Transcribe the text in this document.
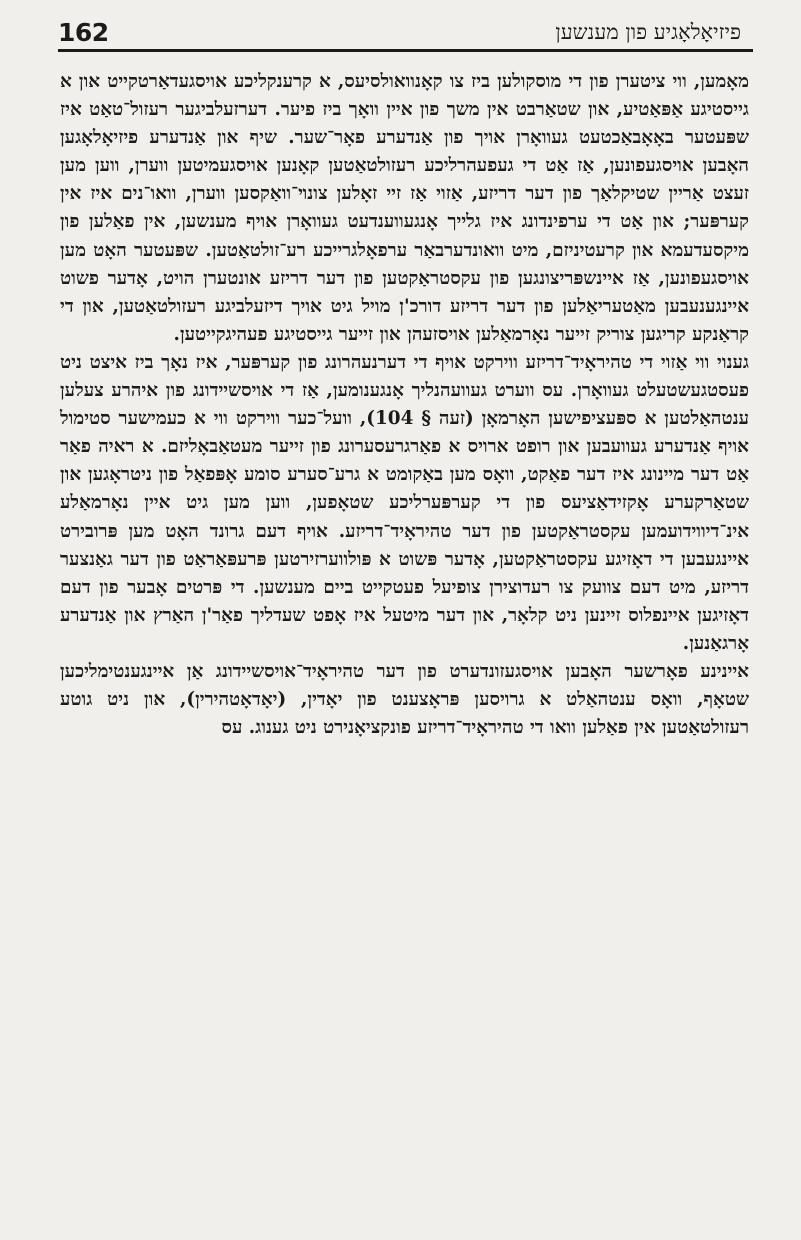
162	פיזיאָלאָגיע פון מענשען

מאָמען, ווי ציטערן פון די מוסקולען ביז צו קאָנוואולסיעס, א קרענקליכע אויסגעדאַרטקייט און א גייסטיגע אַפּאַטיע, און שטאַרבט אין משך פון איין וואָך ביז פיער. דערזעלביגער רעזול־טאַט איז שפּעטער באָאָבאַכטעט געוואָרן אויך פון אַנדערע פאָר־שער. שיף און אַנדערע פיזיאָלאָגען האָבען אויסגעפונען, אַז אַט די געפעהרליכע רעזולטאַטען קאָנען אויסגעמיטען ווערן, ווען מען זעצט אַריין שטיקלאַך פון דער דריזע, אַזוי אַז זיי זאָלען צונױ־וואַקסען ווערן, וואו־נים איז אין קערפּער; און אַט די ערפינדונג איז גלייך אָנגעווענדעט געוואָרן אויף מענשען, אין פאַלען פון מיקסעדעמא און קרעטיניזם, מיט וואונדערבאַר ערפאָלגרייכע רע־זולטאַטען. שפּעטער האָט מען אויסגעפונען, אַז איינשפּריצונגען פון עקסטראַקטען פון דער דריזע אונטערן הויט, אָדער פשוט איינגענעבען מאַטעריאַלען פון דער דריזע דורכ'ן מויל גיט אויך דיזעלביגע רעזולטאַטען, און די קראַנקע קריגען צוריק זייער נאָרמאַלען אויסזעהן און זייער גייסטיגע פעהיגקייטען.

גענוי ווי אַזוי די טהיראָיד־דריזע ווירקט אויף די דערנעהרונג פון קערפּער, איז נאָך ביז איצט ניט פעסטגעשטעלט געוואָרן. עס ווערט געוועהנליך אָנגענומען, אַז די אויסשיידונג פון איהרע צעלען ענטהאַלטען א ספּעציפישען האָרמאָן (זעה § 104), וועל־כער ווירקט ווי א כעמישער סטימול אויף אַנדערע געוועבען און רופט ארויס א פאַרגרעסערונג פון זייער מעטאַבאָליזם. א ראיה פאַר אַט דער מיינונג איז דער פאַקט, וואָס מען באַקומט א גרע־סערע סומע אָפּפאַל פון ניטראָגען און שטאַרקערע אָקזידאַציעס פון די קערפּערליכע שטאָפען, ווען מען גיט איין נאָרמאַלע אינ־דיווידועמען עקסטראַקטען פון דער טהיראָיד־דריזע. אויף דעם גרונד האָט מען פּרובירט איינגעבען די דאָזיגע עקסטראַקטען, אָדער פּשוט א פּולווערזירטען פּרעפּאַראַט פון דער גאַנצער דריזע, מיט דעם צוועק צו רעדוצירן צופיעל פעטקייט ביים מענשען. די פּרטים אָבער פון דעם דאָזיגען איינפלוס זיינען ניט קלאָר, און דער מיטעל איז אָפט שעדליך פאַר'ן האַרץ און אַנדערע אָרגאַנען.

איינינע פאָרשער האָבען אויסגעזונדערט פון דער טהיראָיד־אויסשיידונג אַן איינגענטימליכען שטאָף, וואָס ענטהאַלט א גרויסען פּראָצענט פון יאָדין, (יאָדאָטהירין), און ניט גוטע רעזולטאַטען אין פאַלען וואו די טהיראָיד־דריזע פונקציאָנירט ניט גענוג. עס
